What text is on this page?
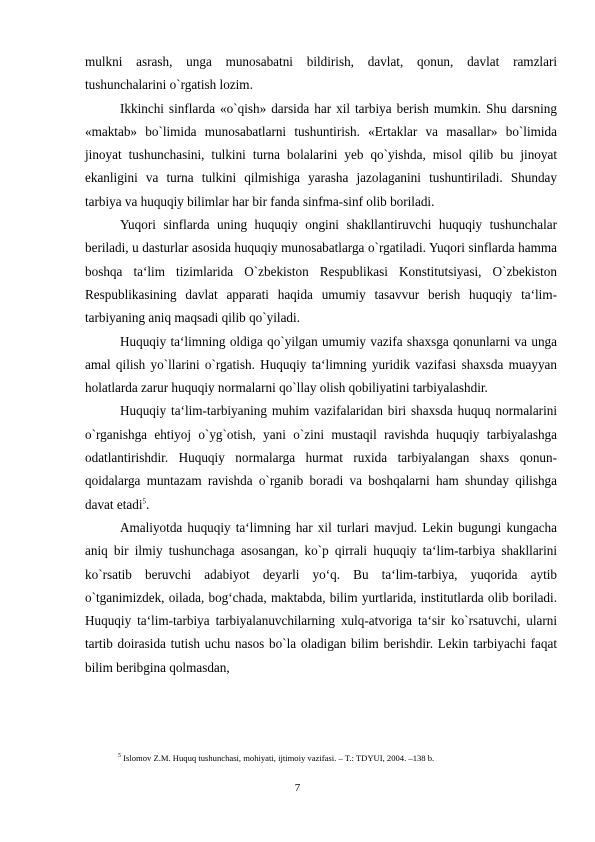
mulkni asrash, unga munosabatni bildirish, davlat, qonun, davlat ramzlari tushunchalarini o`rgatish lozim.

Ikkinchi sinflarda «o`qish» darsida har xil tarbiya berish mumkin. Shu darsning «maktab» bo`limida munosabatlarni tushuntirish. «Ertaklar va masallar» bo`limida jinoyat tushunchasini, tulkini turna bolalarini yeb qo`yishda, misol qilib bu jinoyat ekanligini va turna tulkini qilmishiga yarasha jazolaganini tushuntiriladi. Shunday tarbiya va huquqiy bilimlar har bir fanda sinfma-sinf olib boriladi.

Yuqori sinflarda uning huquqiy ongini shakllantiruvchi huquqiy tushunchalar beriladi, u dasturlar asosida huquqiy munosabatlarga o`rgatiladi. Yuqori sinflarda hamma boshqa ta‘lim tizimlarida O`zbekiston Respublikasi Konstitutsiyasi, O`zbekiston Respublikasining davlat apparati haqida umumiy tasavvur berish huquqiy ta‘lim- tarbiyaning aniq maqsadi qilib qo`yiladi.

Huquqiy ta‘limning oldiga qo`yilgan umumiy vazifa shaxsga qonunlarni va unga amal qilish yo`llarini o`rgatish. Huquqiy ta‘limning yuridik vazifasi shaxsda muayyan holatlarda zarur huquqiy normalarni qo`llay olish qobiliyatini tarbiyalashdir.

Huquqiy ta‘lim-tarbiyaning muhim vazifalaridan biri shaxsda huquq normalarini o`rganishga ehtiyoj o`yg`otish, yani o`zini mustaqil ravishda huquqiy tarbiyalashga odatlantirishdir. Huquqiy normalarga hurmat ruxida tarbiyalangan shaxs qonun-qoidalarga muntazam ravishda o`rganib boradi va boshqalarni ham shunday qilishga davat etadi$^5$.

Amaliyotda huquqiy ta‘limning har xil turlari mavjud. Lekin bugungi kungacha aniq bir ilmiy tushunchaga asosangan, ko`p qirrali huquqiy ta‘lim-tarbiya shakllarini ko`rsatib beruvchi adabiyot deyarli yo‘q. Bu ta‘lim-tarbiya, yuqorida aytib o`tganimizdek, oilada, bog‘chada, maktabda, bilim yurtlarida, institutlarda olib boriladi. Huquqiy ta‘lim-tarbiya tarbiyalanuvchilarning xulq-atvoriga ta‘sir ko`rsatuvchi, ularni tartib doirasida tutish uchu nasos bo`la oladigan bilim berishdir. Lekin tarbiyachi faqat bilim beribgina qolmasdan,

$^5$ Islomov Z.M. Huquq tushunchasi, mohiyati, ijtimoiy vazifasi. – T.: TDYUI, 2004. –138 b.
7
